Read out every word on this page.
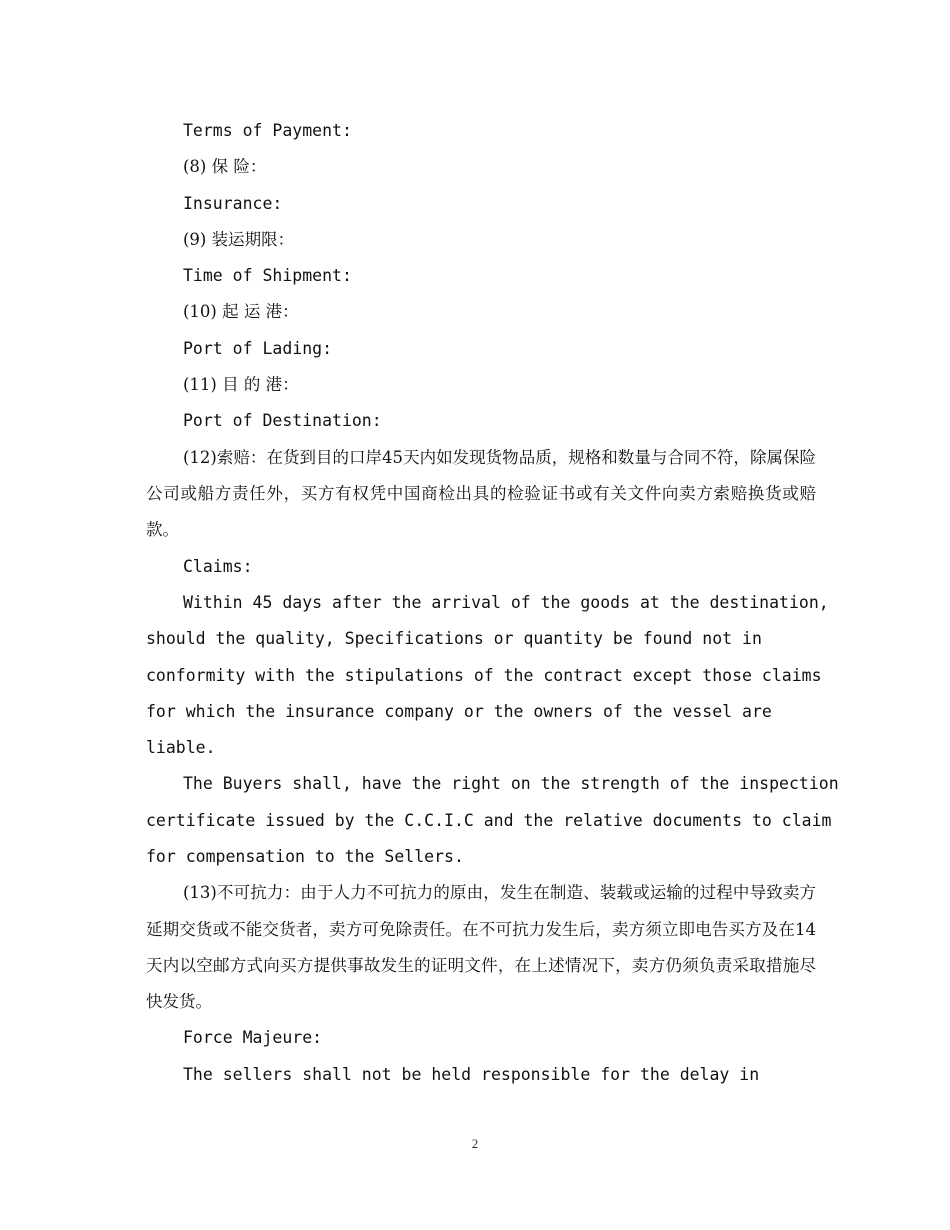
Terms of Payment:
(8) 保 险：
Insurance:
(9) 装运期限：
Time of Shipment:
(10) 起 运 港：
Port of Lading:
(11) 目 的 港：
Port of Destination:
(12)索赔：在货到目的口岸45天内如发现货物品质，规格和数量与合同不符，除属保险公司或船方责任外，买方有权凭中国商检出具的检验证书或有关文件向卖方索赔换货或赔款。
Claims:
Within 45 days after the arrival of the goods at the destination,
should the quality, Specifications or quantity be found not in
conformity with the stipulations of the contract except those claims
for which the insurance company or the owners of the vessel are
liable.
The Buyers shall, have the right on the strength of the inspection
certificate issued by the C.C.I.C and the relative documents to claim
for compensation to the Sellers.
(13)不可抗力：由于人力不可抗力的原由，发生在制造、装载或运输的过程中导致卖方延期交货或不能交货者，卖方可免除责任。在不可抗力发生后，卖方须立即电告买方及在14天内以空邮方式向买方提供事故发生的证明文件，在上述情况下，卖方仍须负责采取措施尽快发货。
Force Majeure:
The sellers shall not be held responsible for the delay in
2
